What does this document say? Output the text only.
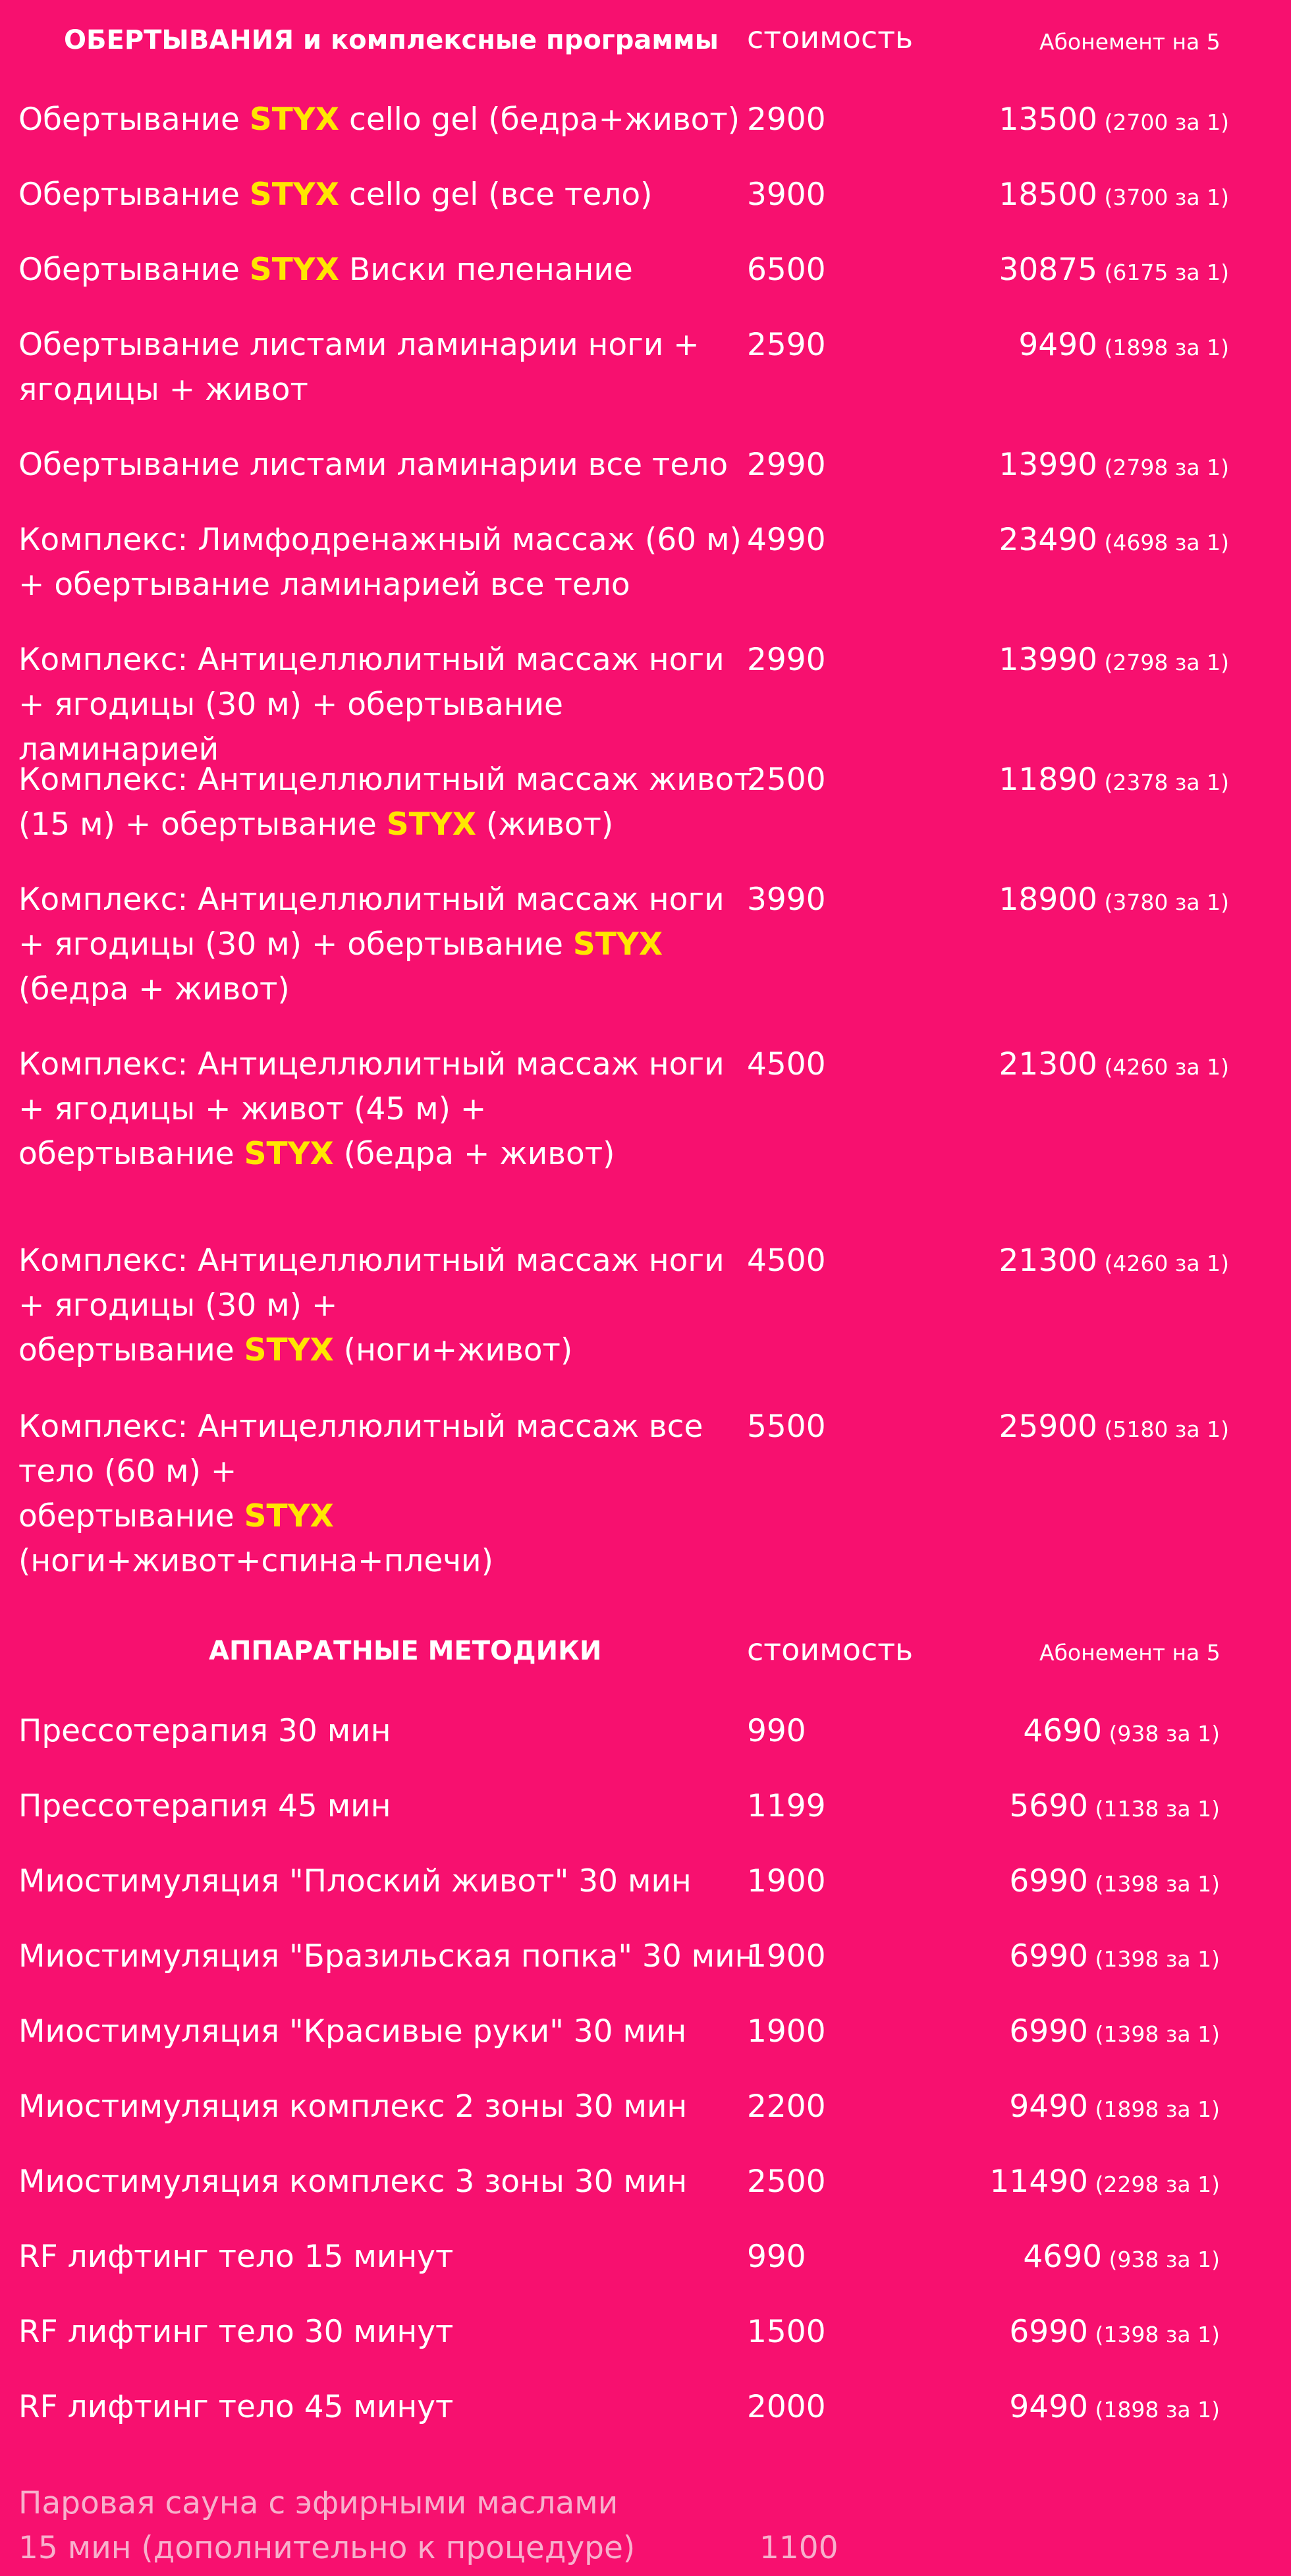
ОБЕРТЫВАНИЯ и комплексные программы стоимость	Абонемент на 5
Обертывание STYX cello gel (бедра+живот) 2900	13500 (2700 за 1)
Обертывание STYX cello gel (все тело)	3900	18500 (3700 за 1)
Обертывание STYX Виски пеленание	6500	30875 (6175 за 1)
Обертывание листами ламинарии ноги + ягодицы + живот
2590	9490 (1898 за 1)
Обертывание листами ламинарии все тело 2990	13990 (2798 за 1)
Комплекс: Лимфодренажный массаж (60 м) + обертывание ламинарией все тело
4990	23490 (4698 за 1)
Комплекс: Антицеллюлитный массаж ноги + ягодицы (30 м) + обертывание ламинарией
2990	13990 (2798 за 1)
Комплекс: Антицеллюлитный массаж живот (15 м) + обертывание STYX (живот)
2500	11890 (2378 за 1)
Комплекс: Антицеллюлитный массаж ноги + ягодицы (30 м) + обертывание STYX (бедра + живот)
3990	18900 (3780 за 1)
Комплекс: Антицеллюлитный массаж ноги + ягодицы + живот (45 м) +
обертывание STYX (бедра + живот)
4500	21300 (4260 за 1)
Комплекс: Антицеллюлитный массаж ноги + ягодицы (30 м) +
обертывание STYX (ноги+живот)
4500	21300 (4260 за 1)
Комплекс: Антицеллюлитный массаж все тело (60 м) +
обертывание STYX (ноги+живот+спина+плечи)
5500	25900 (5180 за 1)
АППАРАТНЫЕ МЕТОДИКИ	стоимость	Абонемент на 5
Прессотерапия 30 мин	990	4690 (938 за 1)
Прессотерапия 45 мин	1199	5690 (1138 за 1)
Миостимуляция "Плоский живот" 30 мин	1900	6990 (1398 за 1)
Миостимуляция "Бразильская попка" 30 мин
1900	6990 (1398 за 1)
Миостимуляция "Красивые руки" 30 мин	1900	6990 (1398 за 1)
Миостимуляция комплекс 2 зоны 30 мин	2200	9490 (1898 за 1)
Миостимуляция комплекс 3 зоны 30 мин	2500	11490 (2298 за 1)
RF лифтинг тело 15 минут	990	4690 (938 за 1)
RF лифтинг тело 30 минут	1500	6990 (1398 за 1)
RF лифтинг тело 45 минут	2000	9490 (1898 за 1)
Паровая сауна с эфирными маслами
15 мин (дополнительно к процедуре)	1100
